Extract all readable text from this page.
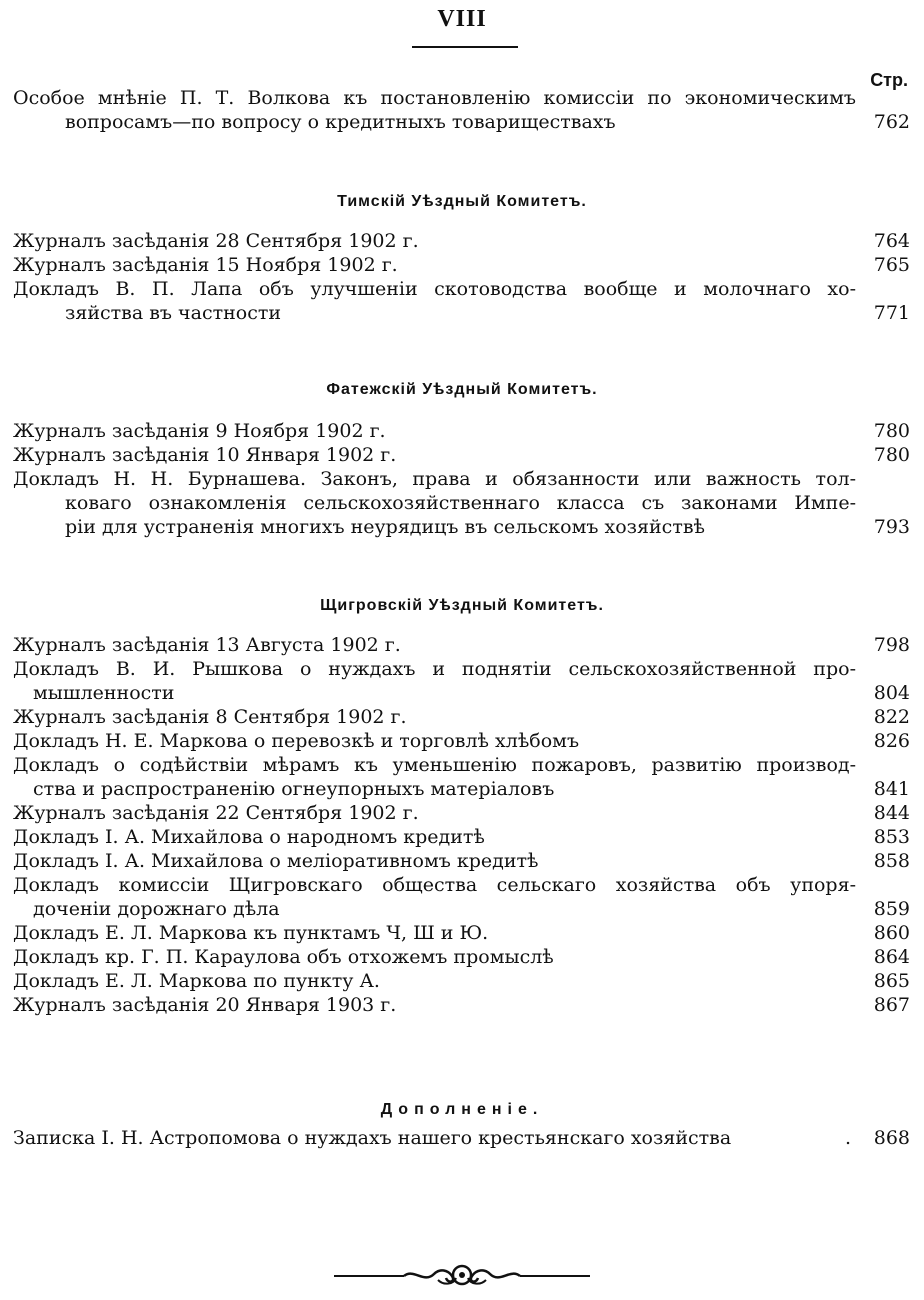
VIII
Стр.
Особое мнѣніе П. Т. Волкова къ постановленію комиссіи по экономическимъ
вопросамъ—по вопросу о кредитныхъ товариществахъ	762
Тимскій Уѣздный Комитетъ.
Журналъ засѣданія 28 Сентября 1902 г.	764
Журналъ засѣданія 15 Ноября 1902 г.	765
Докладъ В. П. Лапа объ улучшеніи скотоводства вообще и молочнаго хо-
зяйства въ частности	771
Фатежскій Уѣздный Комитетъ.
Журналъ засѣданія 9 Ноября 1902 г.	780
Журналъ засѣданія 10 Января 1902 г.	780
Докладъ Н. Н. Бурнашева. Законъ, права и обязанности или важность тол-
коваго ознакомленія сельскохозяйственнаго класса съ законами Импе-
ріи для устраненія многихъ неурядицъ въ сельскомъ хозяйствѣ	793
Щигровскій Уѣздный Комитетъ.
Журналъ засѣданія 13 Августа 1902 г.	798
Докладъ В. И. Рышкова о нуждахъ и поднятіи сельскохозяйственной про-
мышленности	804
Журналъ засѣданія 8 Сентября 1902 г.	822
Докладъ Н. Е. Маркова о перевозкѣ и торговлѣ хлѣбомъ	826
Докладъ о содѣйствіи мѣрамъ къ уменьшенію пожаровъ, развитію производ-
ства и распространенію огнеупорныхъ матеріаловъ	841
Журналъ засѣданія 22 Сентября 1902 г.	844
Докладъ І. А. Михайлова о народномъ кредитѣ	853
Докладъ І. А. Михайлова о меліоративномъ кредитѣ	858
Докладъ комиссіи Щигровскаго общества сельскаго хозяйства объ упоря-
доченіи дорожнаго дѣла	859
Докладъ Е. Л. Маркова къ пунктамъ Ч, Ш и Ю.	860
Докладъ кр. Г. П. Караулова объ отхожемъ промыслѣ	864
Докладъ Е. Л. Маркова по пункту А.	865
Журналъ засѣданія 20 Января 1903 г.	867
Дополненіе.
Записка І. Н. Астропомова о нуждахъ нашего крестьянскаго хозяйства	.	868
